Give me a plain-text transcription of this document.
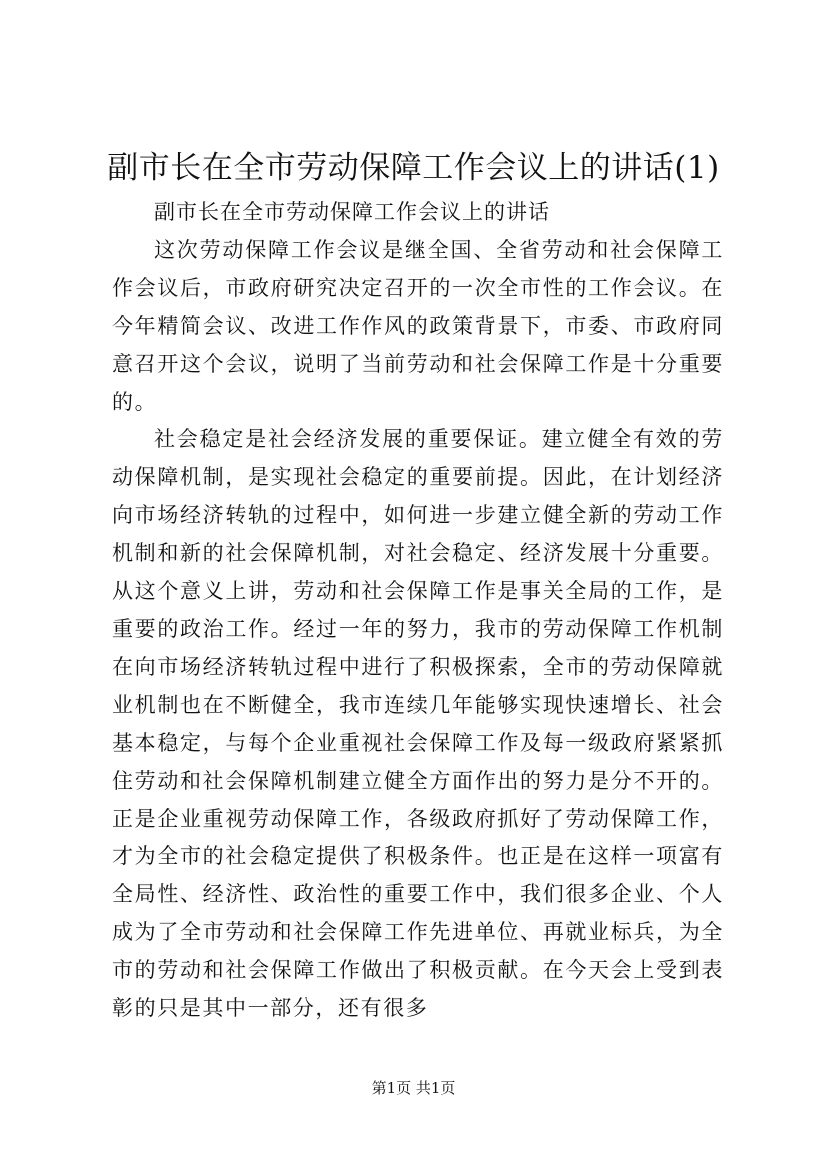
副市长在全市劳动保障工作会议上的讲话(1)

副市长在全市劳动保障工作会议上的讲话

这次劳动保障工作会议是继全国、全省劳动和社会保障工作会议后，市政府研究决定召开的一次全市性的工作会议。在今年精简会议、改进工作作风的政策背景下，市委、市政府同意召开这个会议，说明了当前劳动和社会保障工作是十分重要的。

社会稳定是社会经济发展的重要保证。建立健全有效的劳动保障机制，是实现社会稳定的重要前提。因此，在计划经济向市场经济转轨的过程中，如何进一步建立健全新的劳动工作机制和新的社会保障机制，对社会稳定、经济发展十分重要。从这个意义上讲，劳动和社会保障工作是事关全局的工作，是重要的政治工作。经过一年的努力，我市的劳动保障工作机制在向市场经济转轨过程中进行了积极探索，全市的劳动保障就业机制也在不断健全，我市连续几年能够实现快速增长、社会基本稳定，与每个企业重视社会保障工作及每一级政府紧紧抓住劳动和社会保障机制建立健全方面作出的努力是分不开的。正是企业重视劳动保障工作，各级政府抓好了劳动保障工作，才为全市的社会稳定提供了积极条件。也正是在这样一项富有全局性、经济性、政治性的重要工作中，我们很多企业、个人成为了全市劳动和社会保障工作先进单位、再就业标兵，为全市的劳动和社会保障工作做出了积极贡献。在今天会上受到表彰的只是其中一部分，还有很多

第1页 共1页
